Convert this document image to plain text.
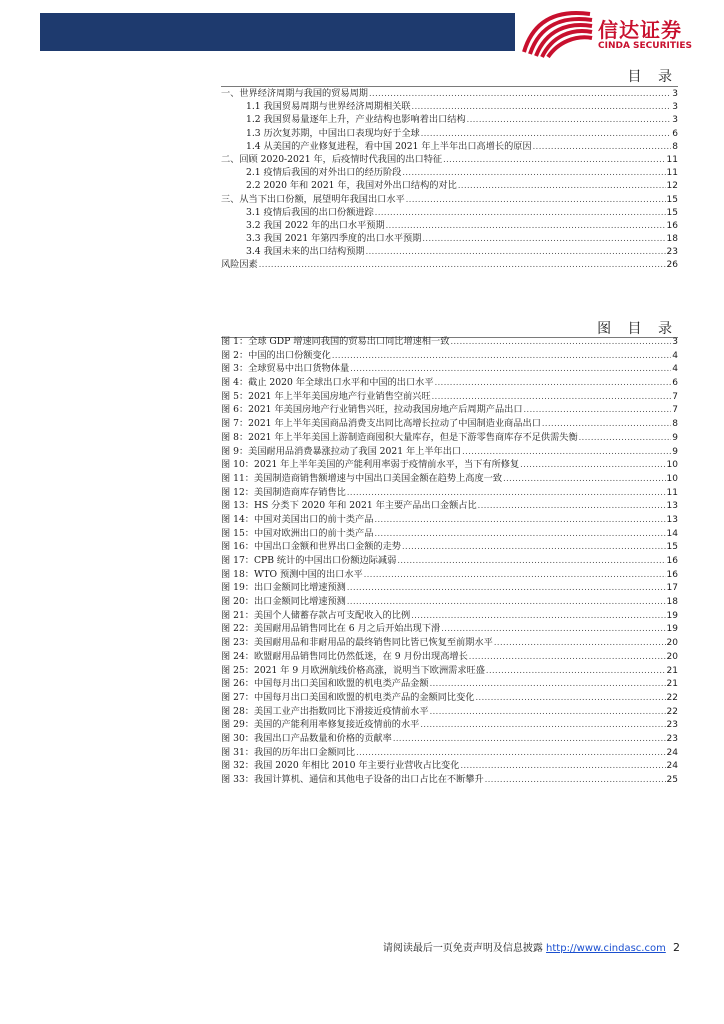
信达证券
CINDA SECURITIES
目 录
一、世界经济周期与我国的贸易周期 .....	3
1.1 我国贸易周期与世界经济周期相关联 .....	3
1.2 我国贸易量逐年上升，产业结构也影响着出口结构 .....	3
1.3 历次复苏期，中国出口表现均好于全球 .....	6
1.4 从美国的产业修复进程，看中国 2021 年上半年出口高增长的原因 .....	8
二、回顾 2020-2021 年，后疫情时代我国的出口特征 .....	11
2.1 疫情后我国的对外出口的经历阶段 .....	11
2.2 2020 年和 2021 年，我国对外出口结构的对比 .....	12
三、从当下出口份额，展望明年我国出口水平 .....	15
3.1 疫情后我国的出口份额进踪 .....	15
3.2 我国 2022 年的出口水平预期 .....	16
3.3 我国 2021 年第四季度的出口水平预期 .....	18
3.4 我国未来的出口结构预期 .....	23
风险因素 .....	26
图 目 录
图 1：全球 GDP 增速同我国的贸易出口同比增速相一致 .....	3
图 2：中国的出口份额变化 .....	4
图 3：全球贸易中出口货物体量 .....	4
图 4：截止 2020 年全球出口水平和中国的出口水平 .....	6
图 5：2021 年上半年美国房地产行业销售空前兴旺 .....	7
图 6：2021 年美国房地产行业销售兴旺，拉动我国房地产后周期产品出口 .....	7
图 7：2021 年上半年美国商品消费支出同比高增长拉动了中国制造业商品出口 .....	8
图 8：2021 年上半年美国上游制造商囤积大量库存，但是下游零售商库存不足供需失衡 .....	9
图 9：美国耐用品消费暴涨拉动了我国 2021 年上半年出口 .....	9
图 10：2021 年上半年美国的产能利用率弱于疫情前水平，当下有所修复 .....	10
图 11：美国制造商销售额增速与中国出口美国金额在趋势上高度一致 .....	10
图 12：美国制造商库存销售比 .....	11
图 13：HS 分类下 2020 年和 2021 年主要产品出口金额占比 .....	13
图 14：中国对美国出口的前十类产品 .....	13
图 15：中国对欧洲出口的前十类产品 .....	14
图 16：中国出口金额和世界出口金额的走势 .....	15
图 17：CPB 统计的中国出口份额边际减弱 .....	16
图 18：WTO 预测中国的出口水平 .....	16
图 19：出口金额同比增速预测 .....	17
图 20：出口金额同比增速预测 .....	18
图 21：美国个人储蓄存款占可支配收入的比例 .....	19
图 22：美国耐用品销售同比在 6 月之后开始出现下滑 .....	19
图 23：美国耐用品和非耐用品的最终销售同比皆已恢复至前期水平 .....	20
图 24：欧盟耐用品销售同比仍然低迷，在 9 月份出现高增长 .....	20
图 25：2021 年 9 月欧洲航线价格高涨，说明当下欧洲需求旺盛 .....	21
图 26：中国每月出口美国和欧盟的机电类产品金额 .....	21
图 27：中国每月出口美国和欧盟的机电类产品的金额同比变化 .....	22
图 28：美国工业产出指数同比下滑接近疫情前水平 .....	22
图 29：美国的产能利用率修复接近疫情前的水平 .....	23
图 30：我国出口产品数量和价格的贡献率 .....	23
图 31：我国的历年出口金额同比 .....	24
图 32：我国 2020 年相比 2010 年主要行业营收占比变化 .....	24
图 33：我国计算机、通信和其他电子设备的出口占比在不断攀升 .....	25
请阅读最后一页免责声明及信息披露 http://www.cindasc.com 2
